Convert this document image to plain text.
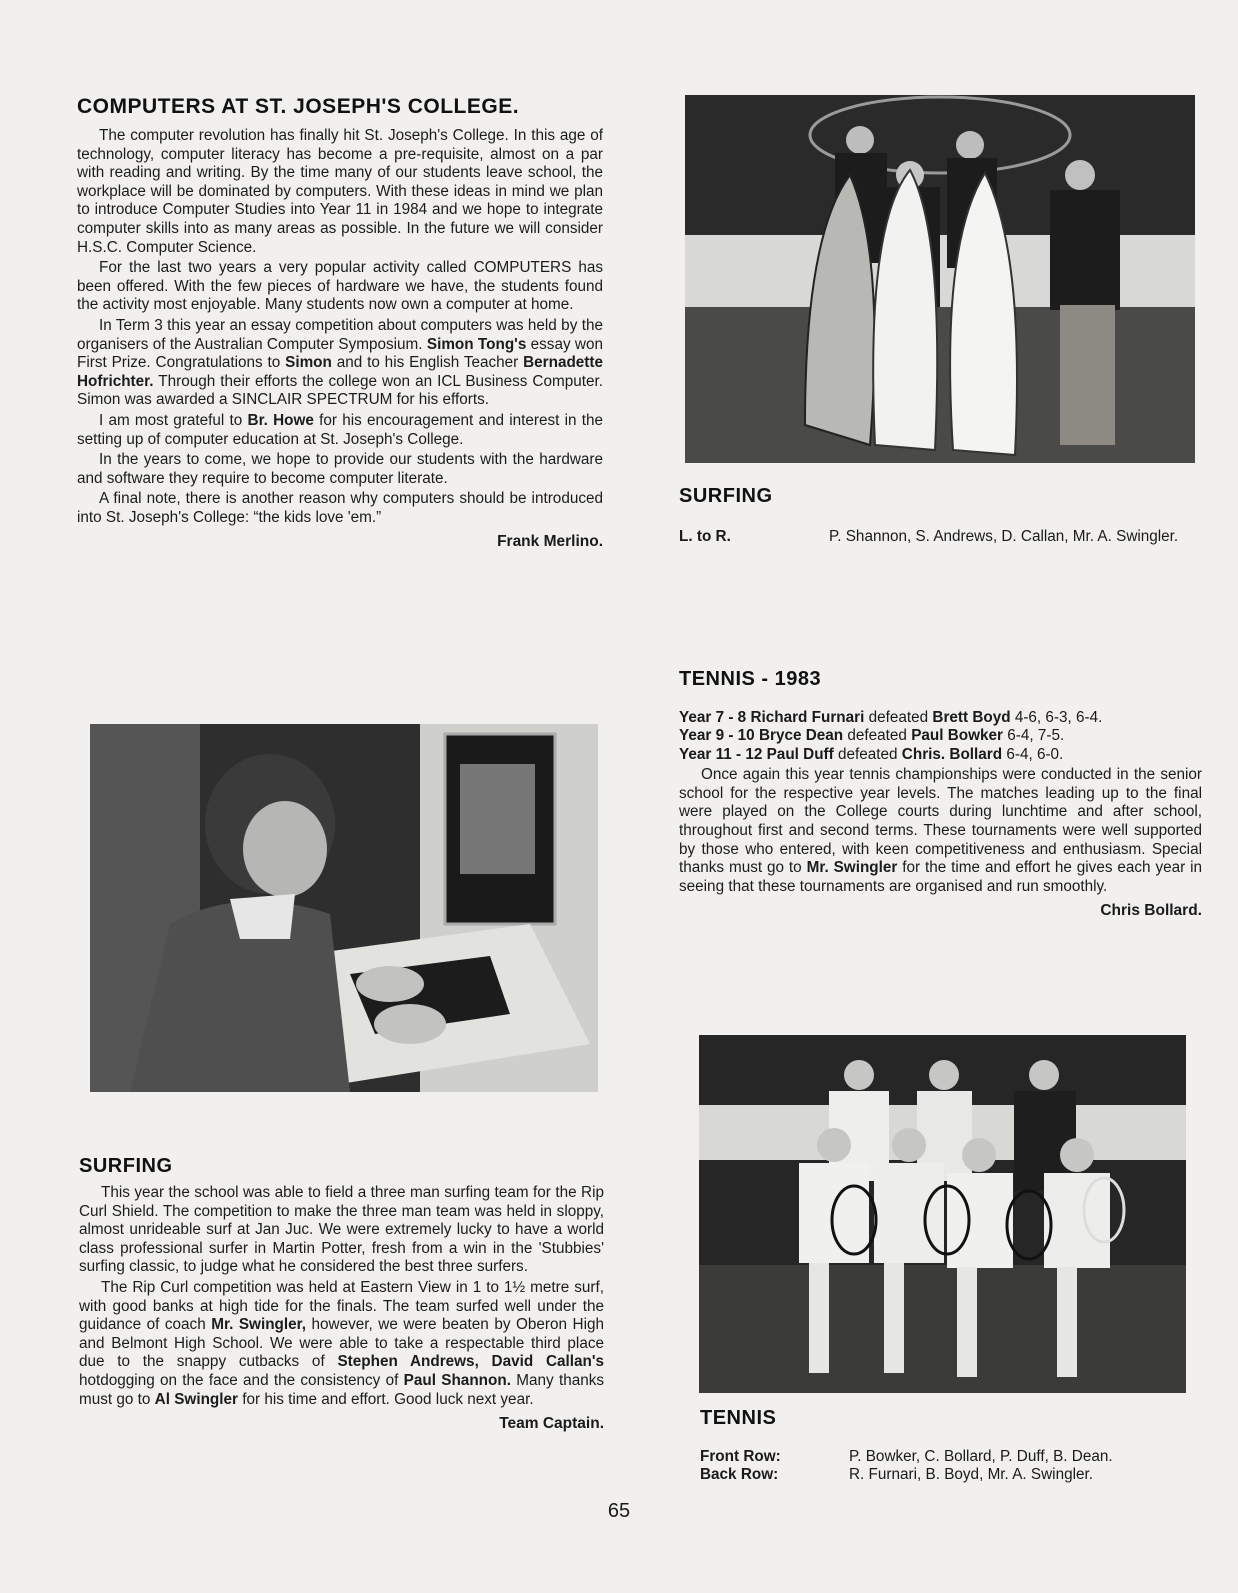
COMPUTERS AT ST. JOSEPH'S COLLEGE.

The computer revolution has finally hit St. Joseph's College. In this age of technology, computer literacy has become a pre-requisite, almost on a par with reading and writing. By the time many of our students leave school, the workplace will be dominated by computers. With these ideas in mind we plan to introduce Computer Studies into Year 11 in 1984 and we hope to integrate computer skills into as many areas as possible. In the future we will consider H.S.C. Computer Science.

For the last two years a very popular activity called COMPUTERS has been offered. With the few pieces of hardware we have, the students found the activity most enjoyable. Many students now own a computer at home.

In Term 3 this year an essay competition about computers was held by the organisers of the Australian Computer Symposium. Simon Tong's essay won First Prize. Congratulations to Simon and to his English Teacher Bernadette Hofrichter. Through their efforts the college won an ICL Business Computer. Simon was awarded a SINCLAIR SPECTRUM for his efforts.

I am most grateful to Br. Howe for his encouragement and interest in the setting up of computer education at St. Joseph's College.

In the years to come, we hope to provide our students with the hardware and software they require to become computer literate.

A final note, there is another reason why computers should be introduced into St. Joseph's College: “the kids love 'em.”

Frank Merlino.
SURFING
L. to R.	P. Shannon, S. Andrews, D. Callan, Mr. A. Swingler.
TENNIS - 1983
Year 7 - 8 Richard Furnari defeated Brett Boyd 4-6, 6-3, 6-4.
Year 9 - 10 Bryce Dean defeated Paul Bowker 6-4, 7-5.
Year 11 - 12 Paul Duff defeated Chris. Bollard 6-4, 6-0.

Once again this year tennis championships were conducted in the senior school for the respective year levels. The matches leading up to the final were played on the College courts during lunchtime and after school, throughout first and second terms. These tournaments were well supported by those who entered, with keen competitiveness and enthusiasm. Special thanks must go to Mr. Swingler for the time and effort he gives each year in seeing that these tournaments are organised and run smoothly.

Chris Bollard.
SURFING

This year the school was able to field a three man surfing team for the Rip Curl Shield. The competition to make the three man team was held in sloppy, almost unrideable surf at Jan Juc. We were extremely lucky to have a world class professional surfer in Martin Potter, fresh from a win in the 'Stubbies' surfing classic, to judge what he considered the best three surfers.

The Rip Curl competition was held at Eastern View in 1 to 1½ metre surf, with good banks at high tide for the finals. The team surfed well under the guidance of coach Mr. Swingler, however, we were beaten by Oberon High and Belmont High School. We were able to take a respectable third place due to the snappy cutbacks of Stephen Andrews, David Callan's hotdogging on the face and the consistency of Paul Shannon. Many thanks must go to Al Swingler for his time and effort. Good luck next year.

Team Captain.	TENNIS
Front Row:	P. Bowker, C. Bollard, P. Duff, B. Dean.
Back Row:	R. Furnari, B. Boyd, Mr. A. Swingler.
65
